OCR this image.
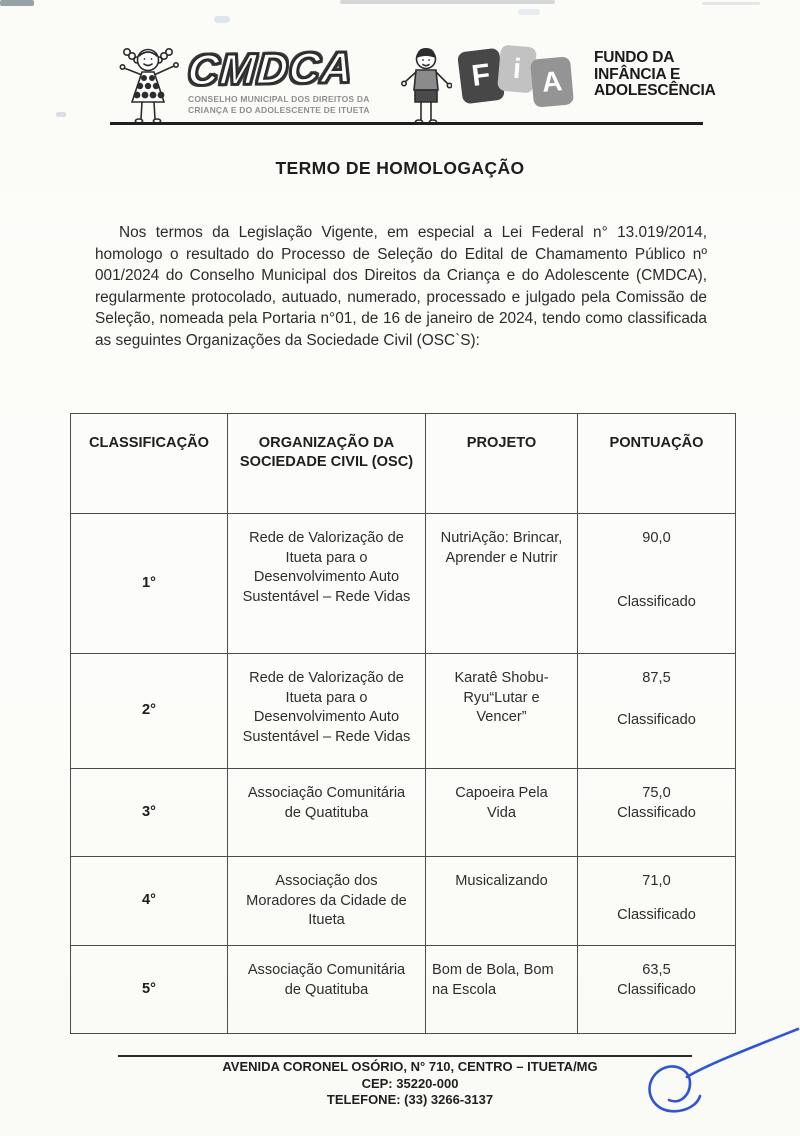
CMDCA
CONSELHO MUNICIPAL DOS DIREITOS DA
CRIANÇA E DO ADOLESCENTE DE ITUETA
F i A
FUNDO DA
INFÂNCIA E
ADOLESCÊNCIA
TERMO DE HOMOLOGAÇÃO
Nos termos da Legislação Vigente, em especial a Lei Federal n° 13.019/2014, homologo o resultado do Processo de Seleção do Edital de Chamamento Público nº 001/2024 do Conselho Municipal dos Direitos da Criança e do Adolescente (CMDCA), regularmente protocolado, autuado, numerado, processado e julgado pela Comissão de Seleção, nomeada pela Portaria n°01, de 16 de janeiro de 2024, tendo como classificada as seguintes Organizações da Sociedade Civil (OSC`S):
CLASSIFICAÇÃO	ORGANIZAÇÃO DA SOCIEDADE CIVIL (OSC)	PROJETO	PONTUAÇÃO
1°	Rede de Valorização de Itueta para o Desenvolvimento Auto Sustentável – Rede Vidas	NutriAção: Brincar, Aprender e Nutrir	90,0
Classificado

2°	Rede de Valorização de Itueta para o Desenvolvimento Auto Sustentável – Rede Vidas	Karatê Shobu-Ryu“Lutar e Vencer”	87,5
Classificado

3°	Associação Comunitária de Quatituba	Capoeira Pela Vida	75,0
Classificado

4°	Associação dos Moradores da Cidade de Itueta	Musicalizando	71,0
Classificado

5°	Associação Comunitária de Quatituba	Bom de Bola, Bom na Escola	63,5
Classificado
AVENIDA CORONEL OSÓRIO, N° 710, CENTRO – ITUETA/MG
CEP: 35220-000
TELEFONE: (33) 3266-3137
